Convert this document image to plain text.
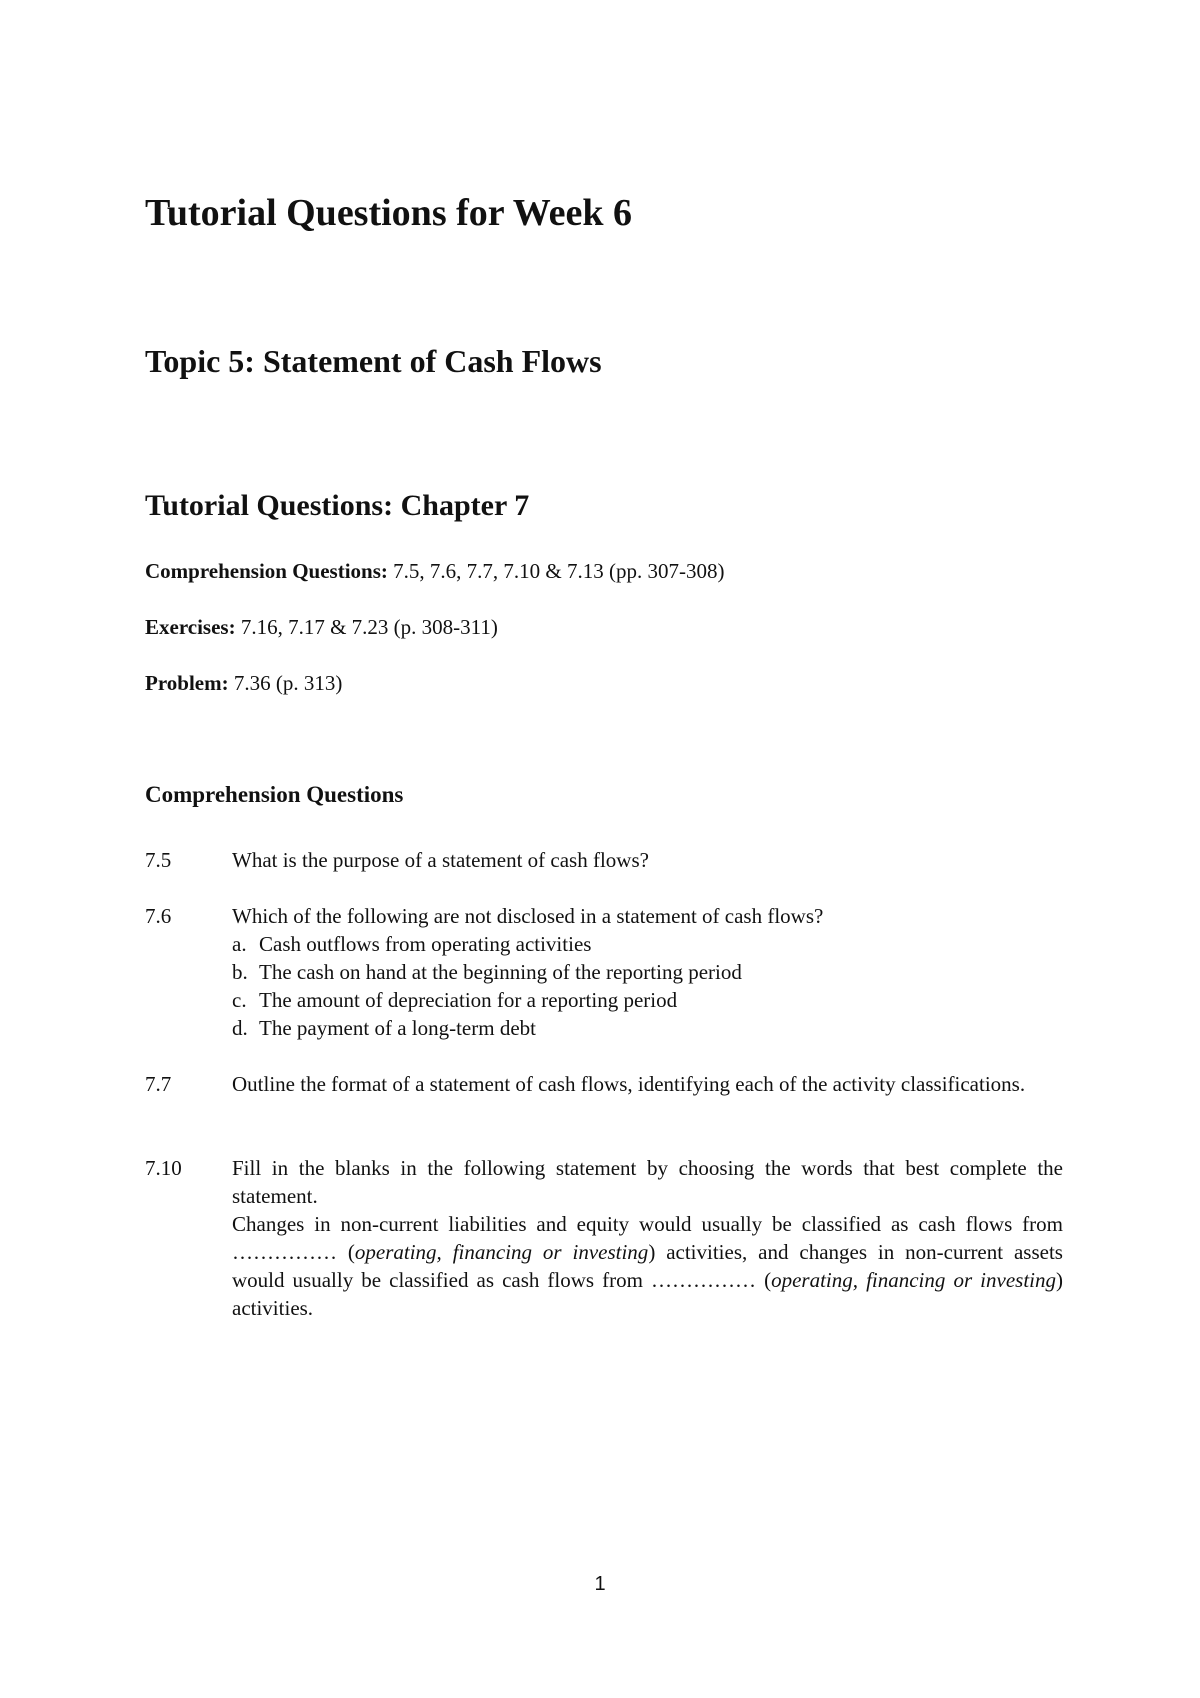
Tutorial Questions for Week 6
Topic 5: Statement of Cash Flows
Tutorial Questions: Chapter 7
Comprehension Questions: 7.5, 7.6, 7.7, 7.10 & 7.13 (pp. 307-308)
Exercises: 7.16, 7.17 & 7.23 (p. 308-311)
Problem: 7.36 (p. 313)
Comprehension Questions
7.5	What is the purpose of a statement of cash flows?

7.6	Which of the following are not disclosed in a statement of cash flows?

a. Cash outflows from operating activities
b. The cash on hand at the beginning of the reporting period
c. The amount of depreciation for a reporting period
d. The payment of a long-term debt
7.7	Outline the format of a statement of cash flows, identifying each of the activity classifications.

7.10	Fill in the blanks in the following statement by choosing the words that best complete the statement.

Changes in non-current liabilities and equity would usually be classified as cash flows from …………… (operating, financing or investing) activities, and changes in non-current assets would usually be classified as cash flows from …………… (operating, financing or investing) activities.

1
